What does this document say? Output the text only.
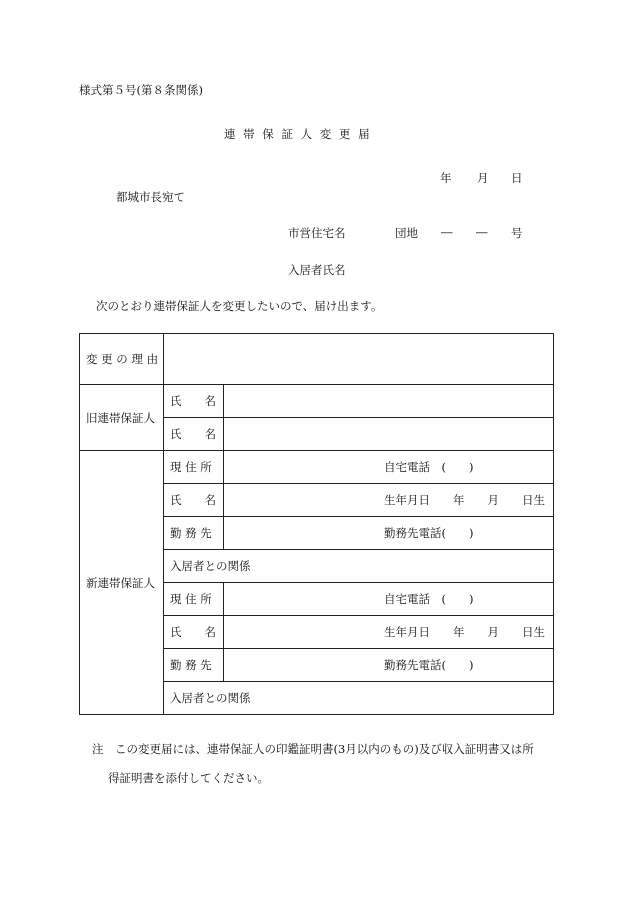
様式第５号(第８条関係)
連 帯 保 証 人 変 更 届
年 月 日
都城市長宛て
市営住宅名	団地 ― ― 号
入居者氏名
次のとおり連帯保証人を変更したいので、届け出ます。
変 更 の 理 由		
旧連帯保証人	氏　　名	
	氏　　名	
新連帯保証人	現 住 所	自宅電話　(　　)

	氏　　名	生年月日　　年　　月　　日生

	勤 務 先	勤務先電話(　　)

	入居者との関係	
	現 住 所	自宅電話　(　　)

	氏　　名	生年月日　　年　　月　　日生

	勤 務 先	勤務先電話(　　)

	入居者との関係	
注　この変更届には、連帯保証人の印鑑証明書(3月以内のもの)及び収入証明書又は所
得証明書を添付してください。
